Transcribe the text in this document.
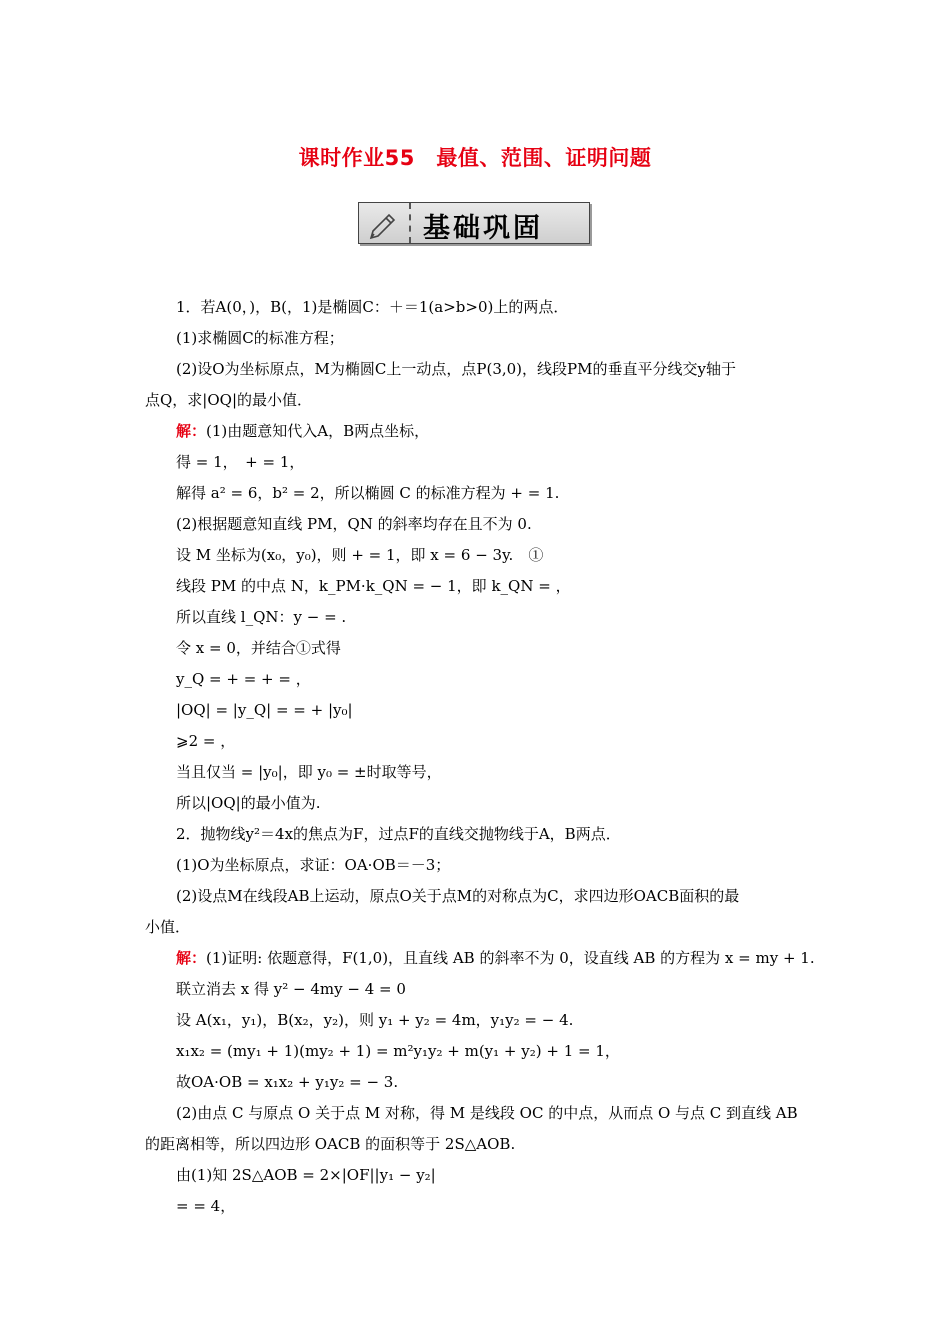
课时作业55　最值、范围、证明问题
基础巩固
1．若A(0，)，B(，1)是椭圆C：＋＝1(a>b>0)上的两点．
(1)求椭圆C的标准方程；
(2)设O为坐标原点，M为椭圆C上一动点，点P(3,0)，线段PM的垂直平分线交y轴于
点Q，求|OQ|的最小值．
解：(1)由题意知代入A，B两点坐标，
得 = 1，　+ = 1，
解得 a² = 6，b² = 2，所以椭圆 C 的标准方程为 + = 1.
(2)根据题意知直线 PM，QN 的斜率均存在且不为 0.
设 M 坐标为(x₀，y₀)，则 + = 1，即 x = 6 − 3y.　①
线段 PM 的中点 N，k_PM·k_QN = − 1，即 k_QN = ，
所以直线 l_QN：y − = .
令 x = 0，并结合①式得
y_Q = + = + = ，
|OQ| = |y_Q| = = + |y₀|
⩾2 = ，
当且仅当 = |y₀|，即 y₀ = ±时取等号，
所以|OQ|的最小值为.
2．抛物线y²＝4x的焦点为F，过点F的直线交抛物线于A，B两点．
(1)O为坐标原点，求证：OA·OB＝－3；
(2)设点M在线段AB上运动，原点O关于点M的对称点为C，求四边形OACB面积的最
小值．
解：(1)证明: 依题意得，F(1,0)，且直线 AB 的斜率不为 0，设直线 AB 的方程为 x = my + 1.
联立消去 x 得 y² − 4my − 4 = 0
设 A(x₁，y₁)，B(x₂，y₂)，则 y₁ + y₂ = 4m，y₁y₂ = − 4.
x₁x₂ = (my₁ + 1)(my₂ + 1) = m²y₁y₂ + m(y₁ + y₂) + 1 = 1，
故OA·OB = x₁x₂ + y₁y₂ = − 3.
(2)由点 C 与原点 O 关于点 M 对称，得 M 是线段 OC 的中点，从而点 O 与点 C 到直线 AB
的距离相等，所以四边形 OACB 的面积等于 2S△AOB.
由(1)知 2S△AOB = 2×|OF||y₁ − y₂|
= = 4，
